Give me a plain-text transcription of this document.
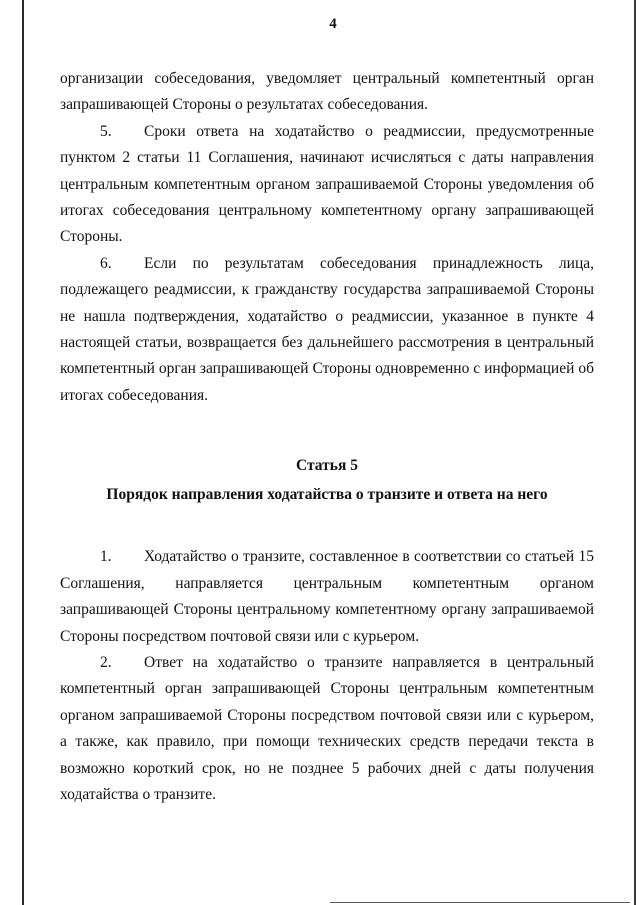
4

организации собеседования, уведомляет центральный компетентный орган запрашивающей Стороны о результатах собеседования.

5. Сроки ответа на ходатайство о реадмиссии, предусмотренные пунктом 2 статьи 11 Соглашения, начинают исчисляться с даты направления центральным компетентным органом запрашиваемой Стороны уведомления об итогах собеседования центральному компетентному органу запрашивающей Стороны.

6. Если по результатам собеседования принадлежность лица, подлежащего реадмиссии, к гражданству государства запрашиваемой Стороны не нашла подтверждения, ходатайство о реадмиссии, указанное в пункте 4 настоящей статьи, возвращается без дальнейшего рассмотрения в центральный компетентный орган запрашивающей Стороны одновременно с информацией об итогах собеседования.

Статья 5

Порядок направления ходатайства о транзите и ответа на него

1. Ходатайство о транзите, составленное в соответствии со статьей 15 Соглашения, направляется центральным компетентным органом запрашивающей Стороны центральному компетентному органу запрашиваемой Стороны посредством почтовой связи или с курьером.

2. Ответ на ходатайство о транзите направляется в центральный компетентный орган запрашивающей Стороны центральным компетентным органом запрашиваемой Стороны посредством почтовой связи или с курьером, а также, как правило, при помощи технических средств передачи текста в возможно короткий срок, но не позднее 5 рабочих дней с даты получения ходатайства о транзите.
